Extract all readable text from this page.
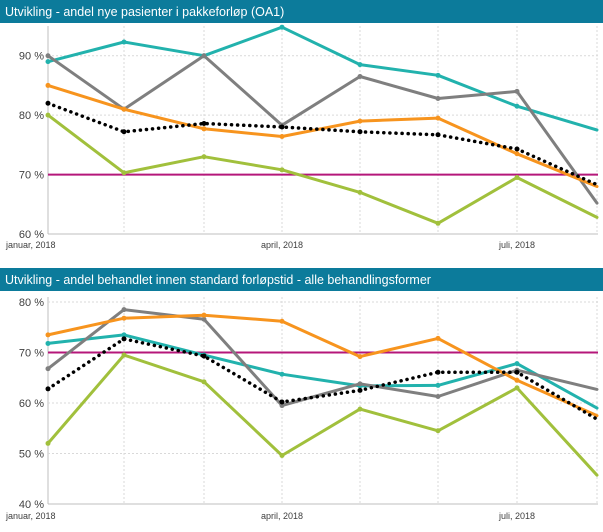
Utvikling - andel nye pasienter i pakkeforløp (OA1)
60 %
70 %
80 %
90 %
januar, 2018	april, 2018	juli, 2018
Utvikling - andel behandlet innen standard forløpstid - alle behandlingsformer
40 %
50 %
60 %
70 %
80 %
januar, 2018	april, 2018	juli, 2018
